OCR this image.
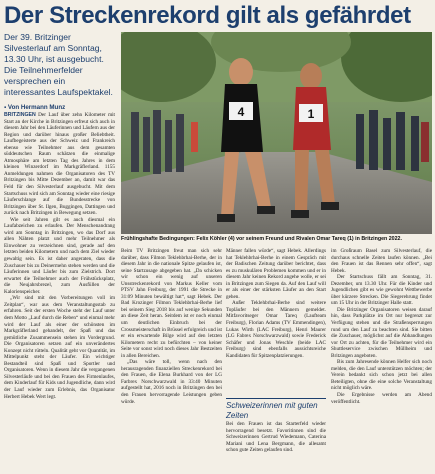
Der Streckenrekord gilt als gefährdet
Der 39. Britzinger Silvesterlauf am Sonntag, 13.30 Uhr, ist ausgebucht. Die Teilnehmerfelder versprechen ein interessantes Laufspektakel.
▪ Von Hermann Munz	4	1
Frühlingshafte Bedingungen: Felix Köhler (4) vor seinem Freund und Rivalen Omar Tareq (1) in Britzingen 2022.

BRITZINGEN Der Lauf über zehn Kilometer mit Start an der Kirche in Britzingen erfreut sich auch in diesem Jahr bei den Läuferinnen und Läufern aus der Region und darüber hinaus großer Beliebtheit. Laufbegeisterte aus der Schweiz und Frankreich ebenso wie Teilnehmer aus dem gesamten süddeutschen Raum schätzen die einmalige Atmosphäre am letzten Tag des Jahres in dem kleinen Winzerdorf im Markgräflerland. 1155 Anmeldungen nahmen die Organisatoren des TV Britzingen bis Mitte Dezember an, damit war das Feld für den Silvesterlauf ausgebucht. Mit dem Startschuss wird sich am Sonntag wieder eine riesige Läuferschlange auf die Bundesstrecke von Britzingen über St. Ilgen, Buggingen, Dattingen und zurück nach Britzingen in Bewegung setzen.

Wie seit Jahren gilt es auch diesmal ein Laufabzeichen zu erlaufen. Der Menschenandrang wird am Sonntag in Britzingen, wo das Dorf aus allen Nähten platzt und mehr Teilnehmer als Einwohner zu verzeichnen sind, gerade auf den letzten beiden Kilometern und nach dem Ziel wieder gewaltig sein. Es ist daher angeraten, dass die Zuschauer bis zu Deinermehn stehen werden und die Läuferinnen und Läufer bis zum Zielstrich. Dort erwartet die Teilnehmer auch der Frühstücksplatz, die Neujahrsbrezel, zum Ausfüllen der Kalorienspeicher.

„Wir sind mit den Vorbereitungen voll im Zeitplan“, war aus dem Veranstaltungsstab zu erfahren. Seit der ersten Woche steht der Lauf unter dem Motto „Lauf durch die Reben“ und einmal mehr wird der Lauf als einer der schönsten im Markgräflerland gehandelt, der Spaß und das gemütliche Zusammensein stehen im Vordergrund. Die Organisatoren setzen auf ein unverändertes Konzept nicht rütteln. Qualität geht vor Quantität, im Mittelpunkt steht der Läufer. Ein wichtiger Bestandteil sind Spaß und Sportler und Organisatoren. Wenn in diesem Jahr die vergangenen Silvesterläufe und bei den Frauen des Firmenlaufes, dem Kinderlauf für Kids und Jugendliche, dann wird der Lauf wieder zum Erlebnis, das Organisator Herbert Hebek Wert legt.

Beim TV Britzingen freut man sich sehr darüber, dass Filmon Teklehbrhai-Berhe, der in diesem Jahr in die nationale Spitze gelaufen ist, seine Startzusage abgegeben hat. „Da schicken wir schon ein wenig auf unseren Unsstreckenrekord von Markus Keller vom PTSV Jahn Freiburg, der 1991 die Strecke in 31:09 Minuten bewältigt hat“, sagt Hebek. Der Bad Krozinger Filmon Teklehbrhai-Berhe lief bei seinem Sieg 2018 bis auf wenige Sekunden an diese Zeit heran. Seitdem ist er noch einmal um deutlichen Einbruch bei der Crossmeisterschaft in Brüssel erfolgreich und ist er ein erwartende Bilge wird auf den letzten Kilometern recht zu befürchten – von keiner Seite vor sonst wird noch dieses Jahr Bestzeiten in allen Bereichen.

„Das wäre toll, wenn nach den herausragenden finanziellen Streckenrekord bei den Frauen, die Elena Burkhard von der LG Farbrex Norschwarzwald in 33:40 Minuten aufgestellt hat, 2016 noch in Britzingen den bei den Frauen hervorragende Leistungen geben würde.

Männer fallen würde“, sagt Hebek. Allerdings hat Teklehbrhai-Berhe in einem Gespräch mit der Badischen Zeitung darüber berichtet, dass es zu muskulären Problemen kommen und er in diesem Jahr keinen Rekord angehe wolle, er sei in Britzingen zum Siegen da. Auf den Lauf will er als einer der stärksten Läufer an den Start gehen.

Außer Teklehbrhai-Berhe sind weitere Topläufer bei den Männern gemeldet. Mitfavoritseger Omar Tareq (Laufteam Freiburg), Florian Adams (TV Emmendingen), Lukas Wirth (LAC Freiburg), Henri Maurer (LG Fabrex Norschwarzwald) sowie Frederick Schäfer und Jonas Weschle (beide LAC Freiburg) sind ebenfalls aussichtsreiche Kandidaten für Spitzenplatzierungen.

Schweizerinnen mit guten Zeiten

Bei den Frauen ist das Starterfeld wieder hervorragend besetzt. Favoritinnen sind die Schweizerinnen Gertrud Wiedemann, Caterina Mariani und Lena Bergmann, die allesamt schon gute Zeiten gelaufen sind.

im Großraum Basel zum Silvesterlauf, die durchaus schnelle Zeiten laufen können. „Bei den Frauen ist das Rennen sehr offen“, sagt Hebek.

Der Startschuss fällt am Sonntag, 31. Dezember, um 13.30 Uhr. Für die Kinder und Jugendlichen gibt es wie gewohnt Wettbewerbe über kürzere Strecken. Die Siegerehrung findet um 15 Uhr in der Britzinger Halle statt.

Die Britzinger Organisatoren weisen darauf hin, dass Parkplätze im Ort nur begrenzt zur Verfügung stehen und die Straßensperrungen rund um den Lauf zu beachten sind. Sie bitten die Zuschauer, möglichst auf die Abhandlungen vor Ort zu achten, für die Teilnehmer wird ein Shuttleservice zwischen Müllheim und Britzingen angeboten.

Bis zum Jahresende können Helfer sich noch melden, die den Lauf unterstützen möchten; der Verein bedankt sich schon jetzt bei allen Beteiligten, ohne die eine solche Veranstaltung nicht möglich wäre.

Die Ergebnisse werden am Abend veröffentlicht.
